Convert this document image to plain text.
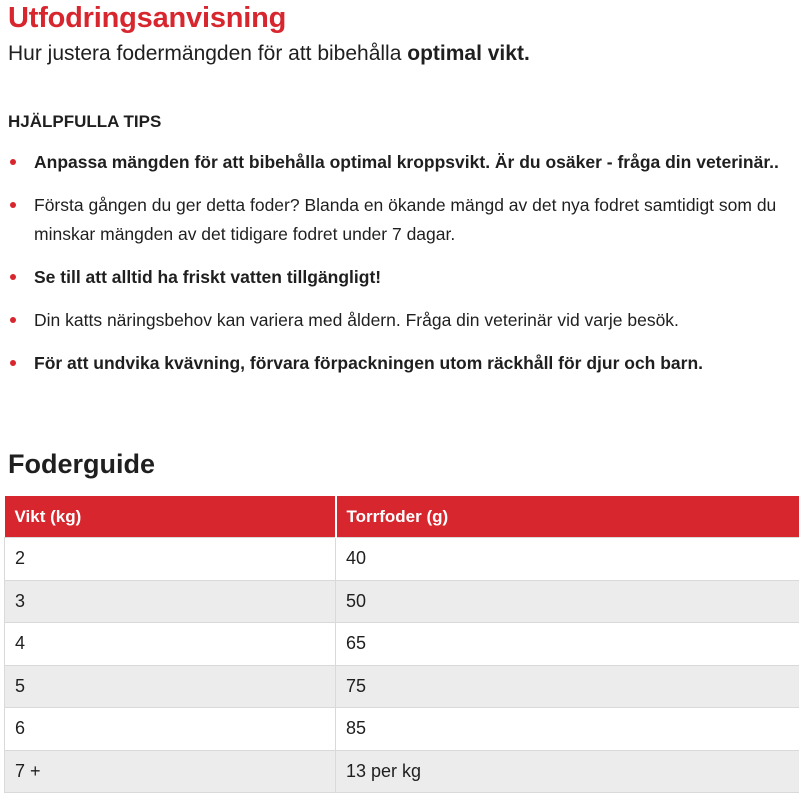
Utfodringsanvisning
Hur justera fodermängden för att bibehålla optimal vikt.
HJÄLPFULLA TIPS
Anpassa mängden för att bibehålla optimal kroppsvikt. Är du osäker - fråga din veterinär..
Första gången du ger detta foder? Blanda en ökande mängd av det nya fodret samtidigt som du minskar mängden av det tidigare fodret under 7 dagar.
Se till att alltid ha friskt vatten tillgängligt!
Din katts näringsbehov kan variera med åldern. Fråga din veterinär vid varje besök.
För att undvika kvävning, förvara förpackningen utom räckhåll för djur och barn.
Foderguide
Vikt (kg)	Torrfoder (g)
2	40
3	50
4	65
5	75
6	85
7 +	13 per kg
